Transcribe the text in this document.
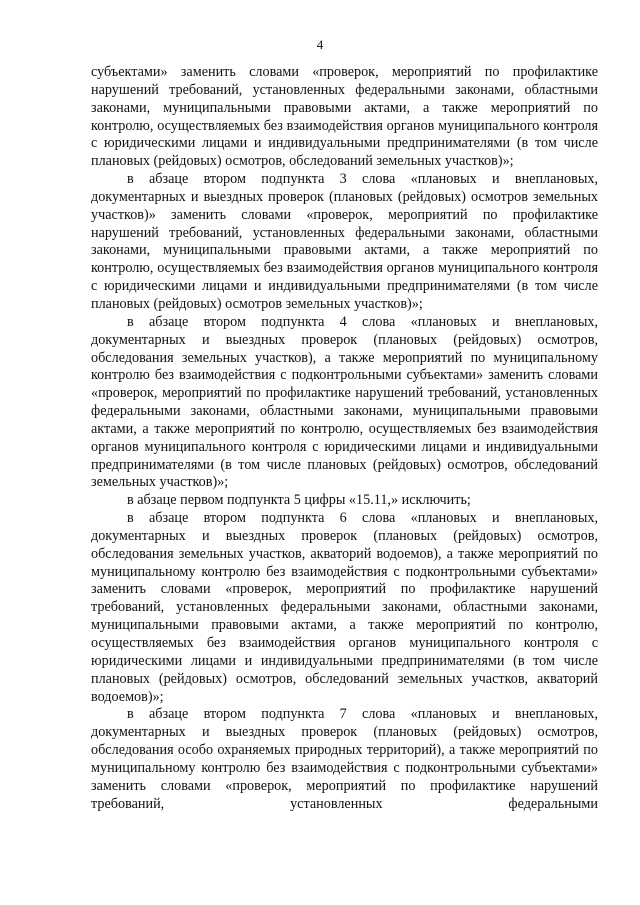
4

субъектами» заменить словами «проверок, мероприятий по профилактике нарушений требований, установленных федеральными законами, областными законами, муниципальными правовыми актами, а также мероприятий по контролю, осуществляемых без взаимодействия органов муниципального контроля с юридическими лицами и индивидуальными предпринимателями (в том числе плановых (рейдовых) осмотров, обследований земельных участков)»;

в абзаце втором подпункта 3 слова «плановых и внеплановых, документарных и выездных проверок (плановых (рейдовых) осмотров земельных участков)» заменить словами «проверок, мероприятий по профилактике нарушений требований, установленных федеральными законами, областными законами, муниципальными правовыми актами, а также мероприятий по контролю, осуществляемых без взаимодействия органов муниципального контроля с юридическими лицами и индивидуальными предпринимателями (в том числе плановых (рейдовых) осмотров земельных участков)»;

в абзаце втором подпункта 4 слова «плановых и внеплановых, документарных и выездных проверок (плановых (рейдовых) осмотров, обследования земельных участков), а также мероприятий по муниципальному контролю без взаимодействия с подконтрольными субъектами» заменить словами «проверок, мероприятий по профилактике нарушений требований, установленных федеральными законами, областными законами, муниципальными правовыми актами, а также мероприятий по контролю, осуществляемых без взаимодействия органов муниципального контроля с юридическими лицами и индивидуальными предпринимателями (в том числе плановых (рейдовых) осмотров, обследований земельных участков)»;

в абзаце первом подпункта 5 цифры «15.11,» исключить;

в абзаце втором подпункта 6 слова «плановых и внеплановых, документарных и выездных проверок (плановых (рейдовых) осмотров, обследования земельных участков, акваторий водоемов), а также мероприятий по муниципальному контролю без взаимодействия с подконтрольными субъектами» заменить словами «проверок, мероприятий по профилактике нарушений требований, установленных федеральными законами, областными законами, муниципальными правовыми актами, а также мероприятий по контролю, осуществляемых без взаимодействия органов муниципального контроля с юридическими лицами и индивидуальными предпринимателями (в том числе плановых (рейдовых) осмотров, обследований земельных участков, акваторий водоемов)»;

в абзаце втором подпункта 7 слова «плановых и внеплановых, документарных и выездных проверок (плановых (рейдовых) осмотров, обследования особо охраняемых природных территорий), а также мероприятий по муниципальному контролю без взаимодействия с подконтрольными субъектами» заменить словами «проверок, мероприятий по профилактике нарушений требований, установленных федеральными
